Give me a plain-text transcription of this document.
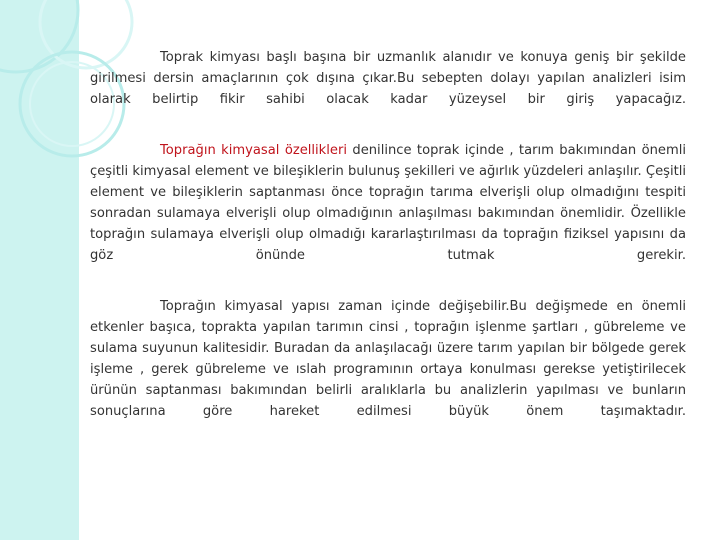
Toprak kimyası başlı başına bir uzmanlık alanıdır ve konuya geniş bir şekilde girilmesi dersin amaçlarının çok dışına çıkar.Bu sebepten dolayı yapılan analizleri isim olarak belirtip fikir sahibi olacak kadar yüzeysel bir giriş yapacağız.

Toprağın kimyasal özellikleri denilince toprak içinde , tarım bakımından önemli çeşitli kimyasal element ve bileşiklerin bulunuş şekilleri ve ağırlık yüzdeleri anlaşılır. Çeşitli element ve bileşiklerin saptanması önce toprağın tarıma elverişli olup olmadığını tespiti sonradan sulamaya elverişli olup olmadığının anlaşılması bakımından önemlidir. Özellikle toprağın sulamaya elverişli olup olmadığı kararlaştırılması da toprağın fiziksel yapısını da göz önünde tutmak gerekir.

Toprağın kimyasal yapısı zaman içinde değişebilir.Bu değişmede en önemli etkenler başıca, toprakta yapılan tarımın cinsi , toprağın işlenme şartları , gübreleme ve sulama suyunun kalitesidir. Buradan da anlaşılacağı üzere tarım yapılan bir bölgede gerek işleme , gerek gübreleme ve ıslah programının ortaya konulması gerekse yetiştirilecek ürünün saptanması bakımından belirli aralıklarla bu analizlerin yapılması ve bunların sonuçlarına göre hareket edilmesi büyük önem taşımaktadır.
